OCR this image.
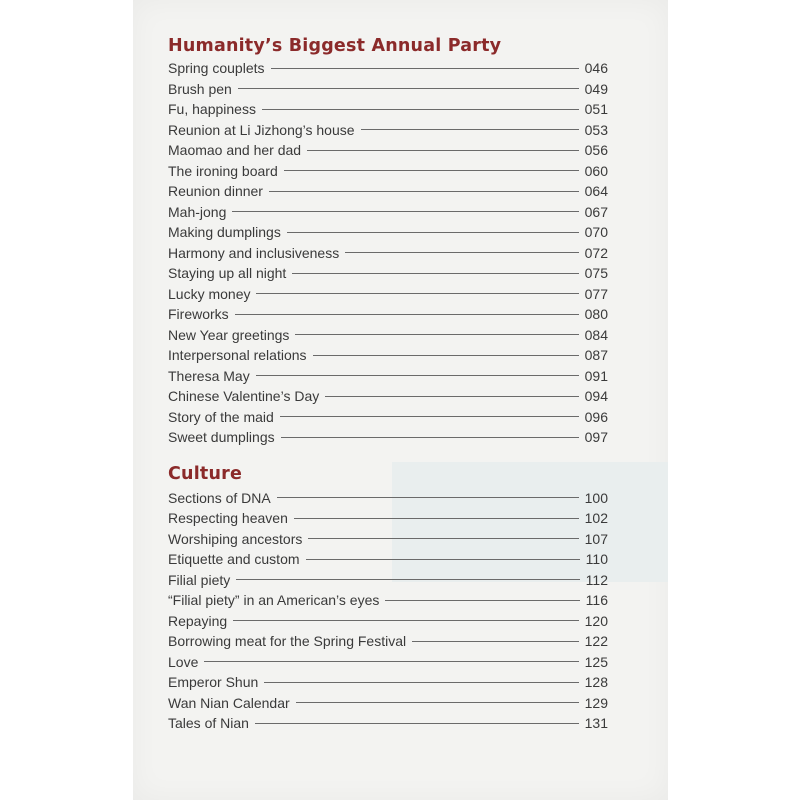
Humanity’s Biggest Annual Party
Spring couplets	046
Brush pen	049
Fu, happiness	051
Reunion at Li Jizhong’s house	053
Maomao and her dad	056
The ironing board	060
Reunion dinner	064
Mah-jong	067
Making dumplings	070
Harmony and inclusiveness	072
Staying up all night	075
Lucky money	077
Fireworks	080
New Year greetings	084
Interpersonal relations	087
Theresa May	091
Chinese Valentine’s Day	094
Story of the maid	096
Sweet dumplings	097
Culture
Sections of DNA	100
Respecting heaven	102
Worshiping ancestors	107
Etiquette and custom	110
Filial piety	112
“Filial piety” in an American’s eyes	116
Repaying	120
Borrowing meat for the Spring Festival	122
Love	125
Emperor Shun	128
Wan Nian Calendar	129
Tales of Nian	131
